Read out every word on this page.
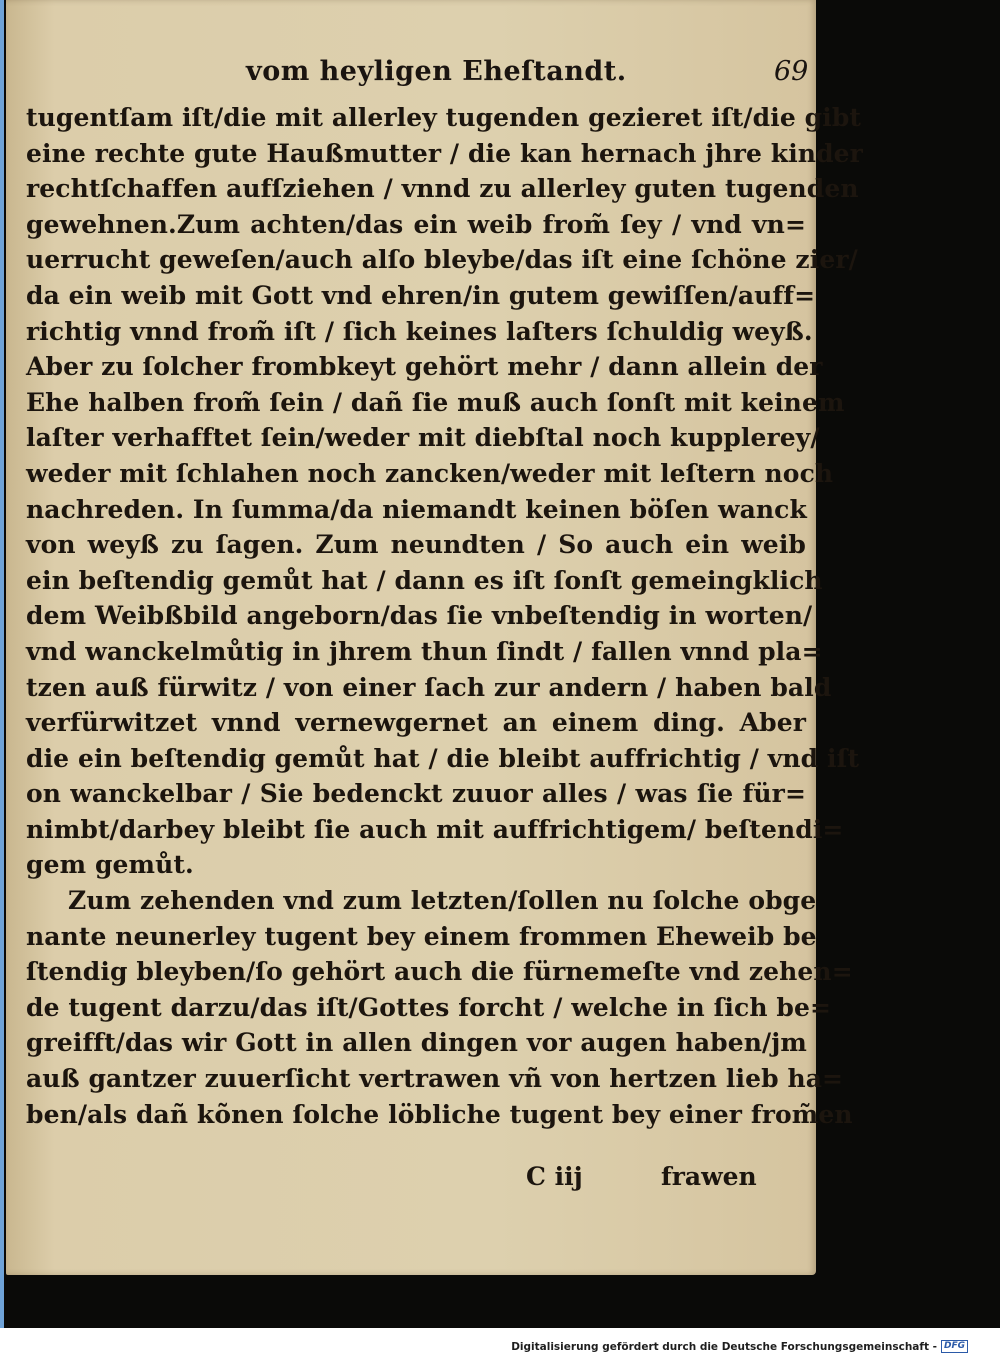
vom heyligen Eheſtandt.	69
tugentſam iſt/die mit allerley tugenden gezieret iſt/die gibt
eine rechte gute Haußmutter / die kan hernach jhre kinder
rechtſchaffen aufſziehen / vnnd zu allerley guten tugenden
gewehnen.Zum achten/das ein weib from̃ ſey / vnd vn=
uerrucht geweſen/auch alſo bleybe/das iſt eine ſchöne zier/
da ein weib mit Gott vnd ehren/in gutem gewiſſen/auff=
richtig vnnd from̃ iſt / ſich keines laſters ſchuldig weyß.
Aber zu ſolcher frombkeyt gehört mehr / dann allein der
Ehe halben from̃ ſein / dañ ſie muß auch ſonſt mit keinem
laſter verhafftet ſein/weder mit diebſtal noch kupplerey/
weder mit ſchlahen noch zancken/weder mit leſtern noch
nachreden. In ſumma/da niemandt keinen böſen wanck
von weyß zu ſagen. Zum neundten / So auch ein weib
ein beſtendig gemůt hat / dann es iſt ſonſt gemeingklich
dem Weibßbild angeborn/das ſie vnbeſtendig in worten/
vnd wanckelmůtig in jhrem thun ſindt / fallen vnnd pla=
tzen auß fürwitz / von einer ſach zur andern / haben bald
verfürwitzet vnnd vernewgernet an einem ding. Aber
die ein beſtendig gemůt hat / die bleibt auffrichtig / vnd iſt
on wanckelbar / Sie bedenckt zuuor alles / was ſie für=
nimbt/darbey bleibt ſie auch mit auffrichtigem/ beſtendi=
gem gemůt.
Zum zehenden vnd zum letzten/ſollen nu ſolche obge
nante neunerley tugent bey einem frommen Eheweib be
ſtendig bleyben/ſo gehört auch die fürnemeſte vnd zehen=
de tugent darzu/das iſt/Gottes forcht / welche in ſich be=
greifft/das wir Gott in allen dingen vor augen haben/jm
auß gantzer zuuerſicht vertrawen vñ von hertzen lieb ha=
ben/als dañ kõnen ſolche löbliche tugent bey einer from̃en
C iij	frawen
Digitalisierung gefördert durch die Deutsche Forschungsgemeinschaft - DFG
